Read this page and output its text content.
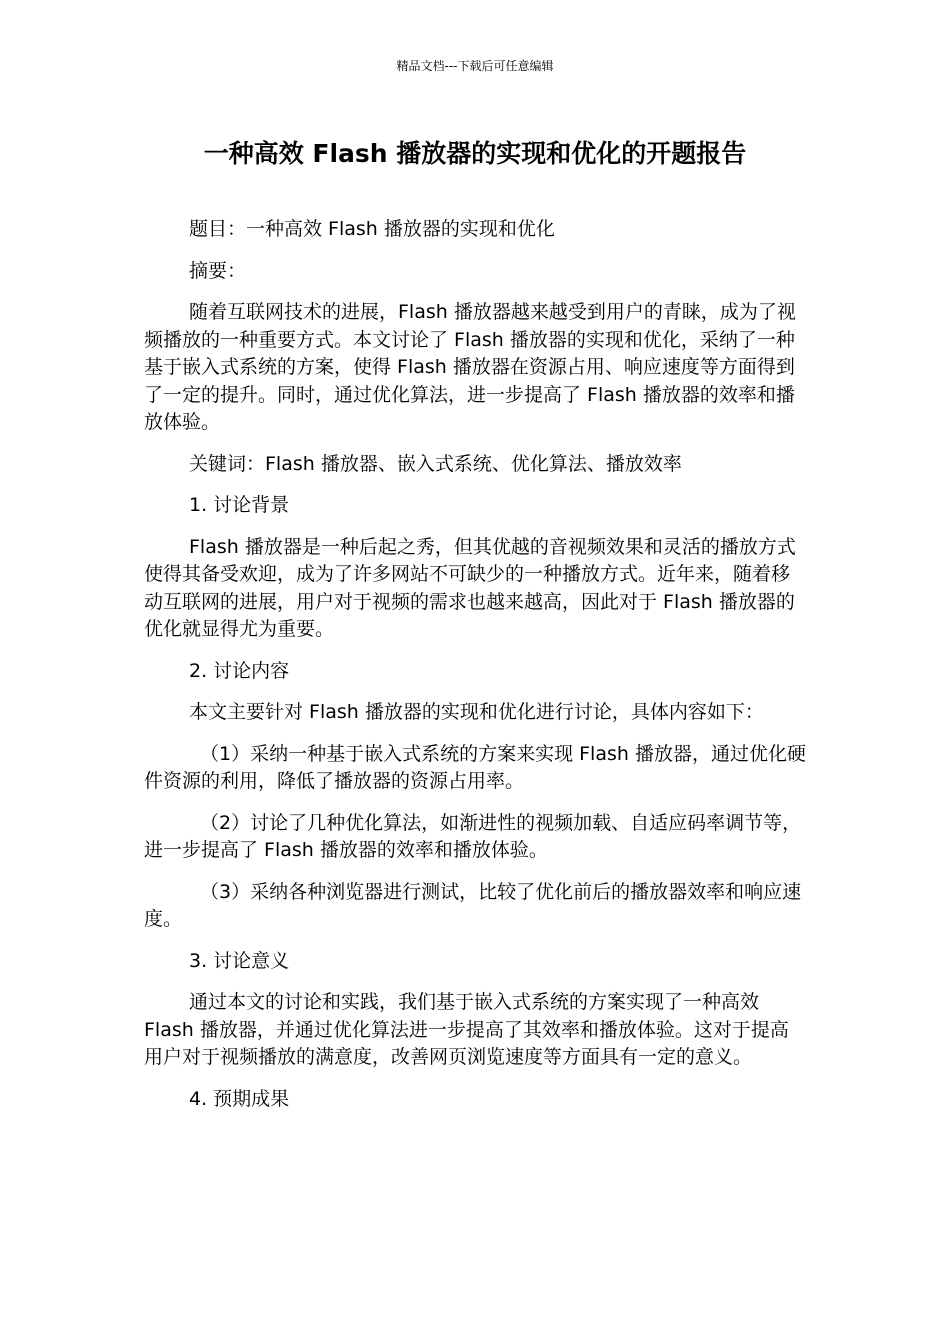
精品文档---下载后可任意编辑
一种高效 Flash 播放器的实现和优化的开题报告

题目：一种高效 Flash 播放器的实现和优化

摘要：

随着互联网技术的进展，Flash 播放器越来越受到用户的青睐，成为了视频播放的一种重要方式。本文讨论了 Flash 播放器的实现和优化，采纳了一种基于嵌入式系统的方案，使得 Flash 播放器在资源占用、响应速度等方面得到了一定的提升。同时，通过优化算法，进一步提高了 Flash 播放器的效率和播放体验。

关键词：Flash 播放器、嵌入式系统、优化算法、播放效率

1. 讨论背景

Flash 播放器是一种后起之秀，但其优越的音视频效果和灵活的播放方式使得其备受欢迎，成为了许多网站不可缺少的一种播放方式。近年来，随着移动互联网的进展，用户对于视频的需求也越来越高，因此对于 Flash 播放器的优化就显得尤为重要。

2. 讨论内容

本文主要针对 Flash 播放器的实现和优化进行讨论，具体内容如下：

（1）采纳一种基于嵌入式系统的方案来实现 Flash 播放器，通过优化硬件资源的利用，降低了播放器的资源占用率。

（2）讨论了几种优化算法，如渐进性的视频加载、自适应码率调节等，进一步提高了 Flash 播放器的效率和播放体验。

（3）采纳各种浏览器进行测试，比较了优化前后的播放器效率和响应速度。

3. 讨论意义

通过本文的讨论和实践，我们基于嵌入式系统的方案实现了一种高效 Flash 播放器，并通过优化算法进一步提高了其效率和播放体验。这对于提高用户对于视频播放的满意度，改善网页浏览速度等方面具有一定的意义。

4. 预期成果
